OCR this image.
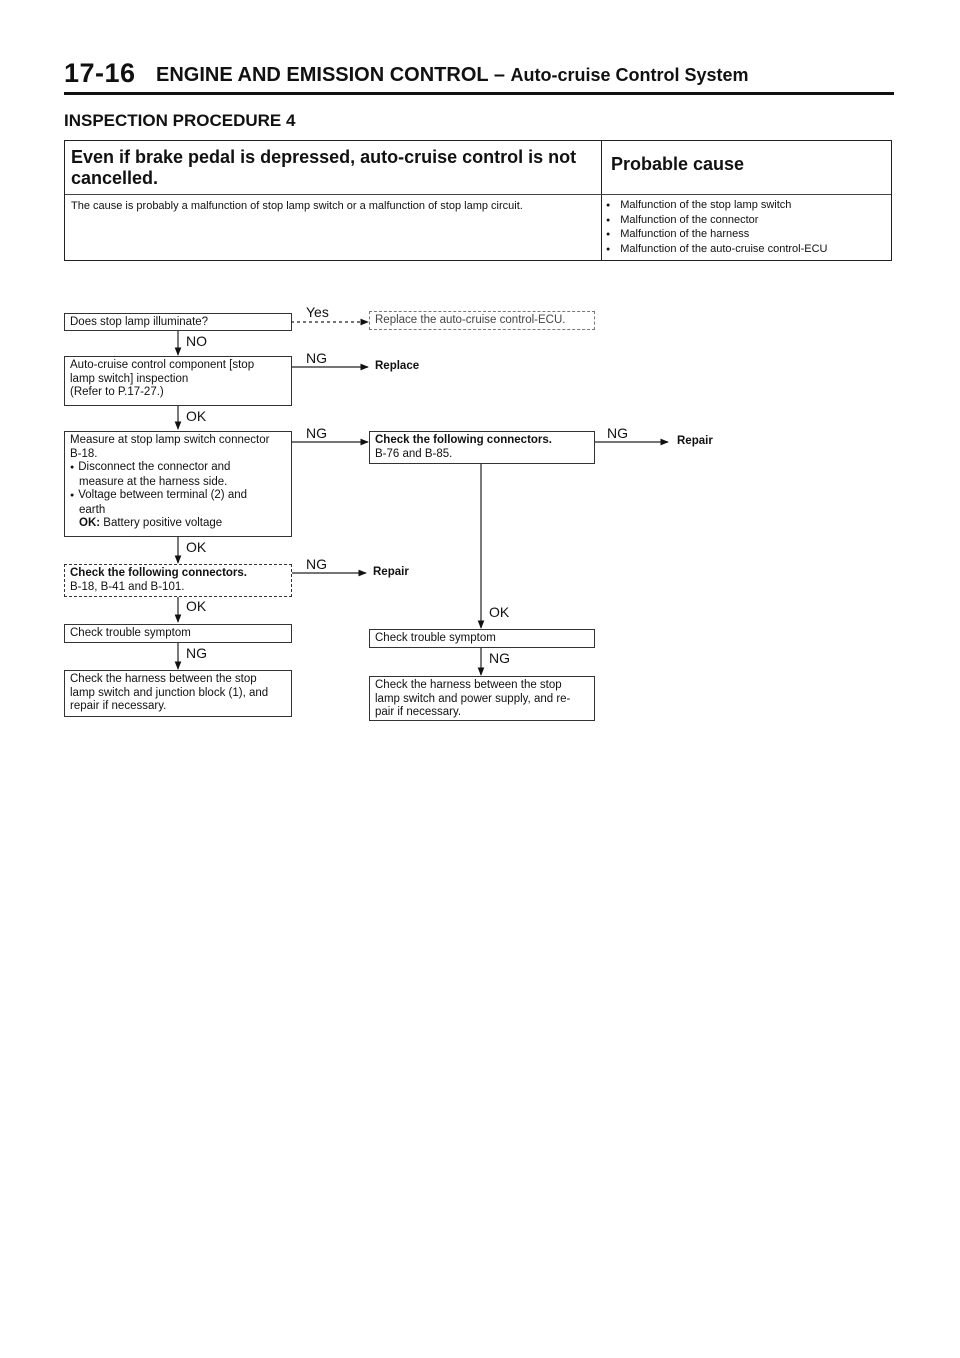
17-16 ENGINE AND EMISSION CONTROL – Auto-cruise Control System
INSPECTION PROCEDURE 4
Even if brake pedal is depressed, auto-cruise control is not cancelled.
Probable cause
The cause is probably a malfunction of stop lamp switch or a malfunction of stop lamp circuit.
●	Malfunction of the stop lamp switch
● Malfunction of the connector
● Malfunction of the harness
● Malfunction of the auto-cruise control-ECU
Does stop lamp illuminate?
Yes	Replace the auto-cruise control-ECU.
NO
Auto-cruise control component [stop
lamp switch] inspection
(Refer to P.17-27.)
NG	Replace
OK
Measure at stop lamp switch connector
B-18.
● Disconnect the connector and
measure at the harness side.
● Voltage between terminal (2) and
earth
OK: Battery positive voltage
NG	Check the following connectors.
B-76 and B-85.
NG	Repair
OK
Check the following connectors.
B-18, B-41 and B-101.
NG	Repair
OK	OK
Check trouble symptom	Check trouble symptom
NG	NG
Check the harness between the stop
lamp switch and junction block (1), and
repair if necessary.
Check the harness between the stop
lamp switch and power supply, and re-
pair if necessary.
